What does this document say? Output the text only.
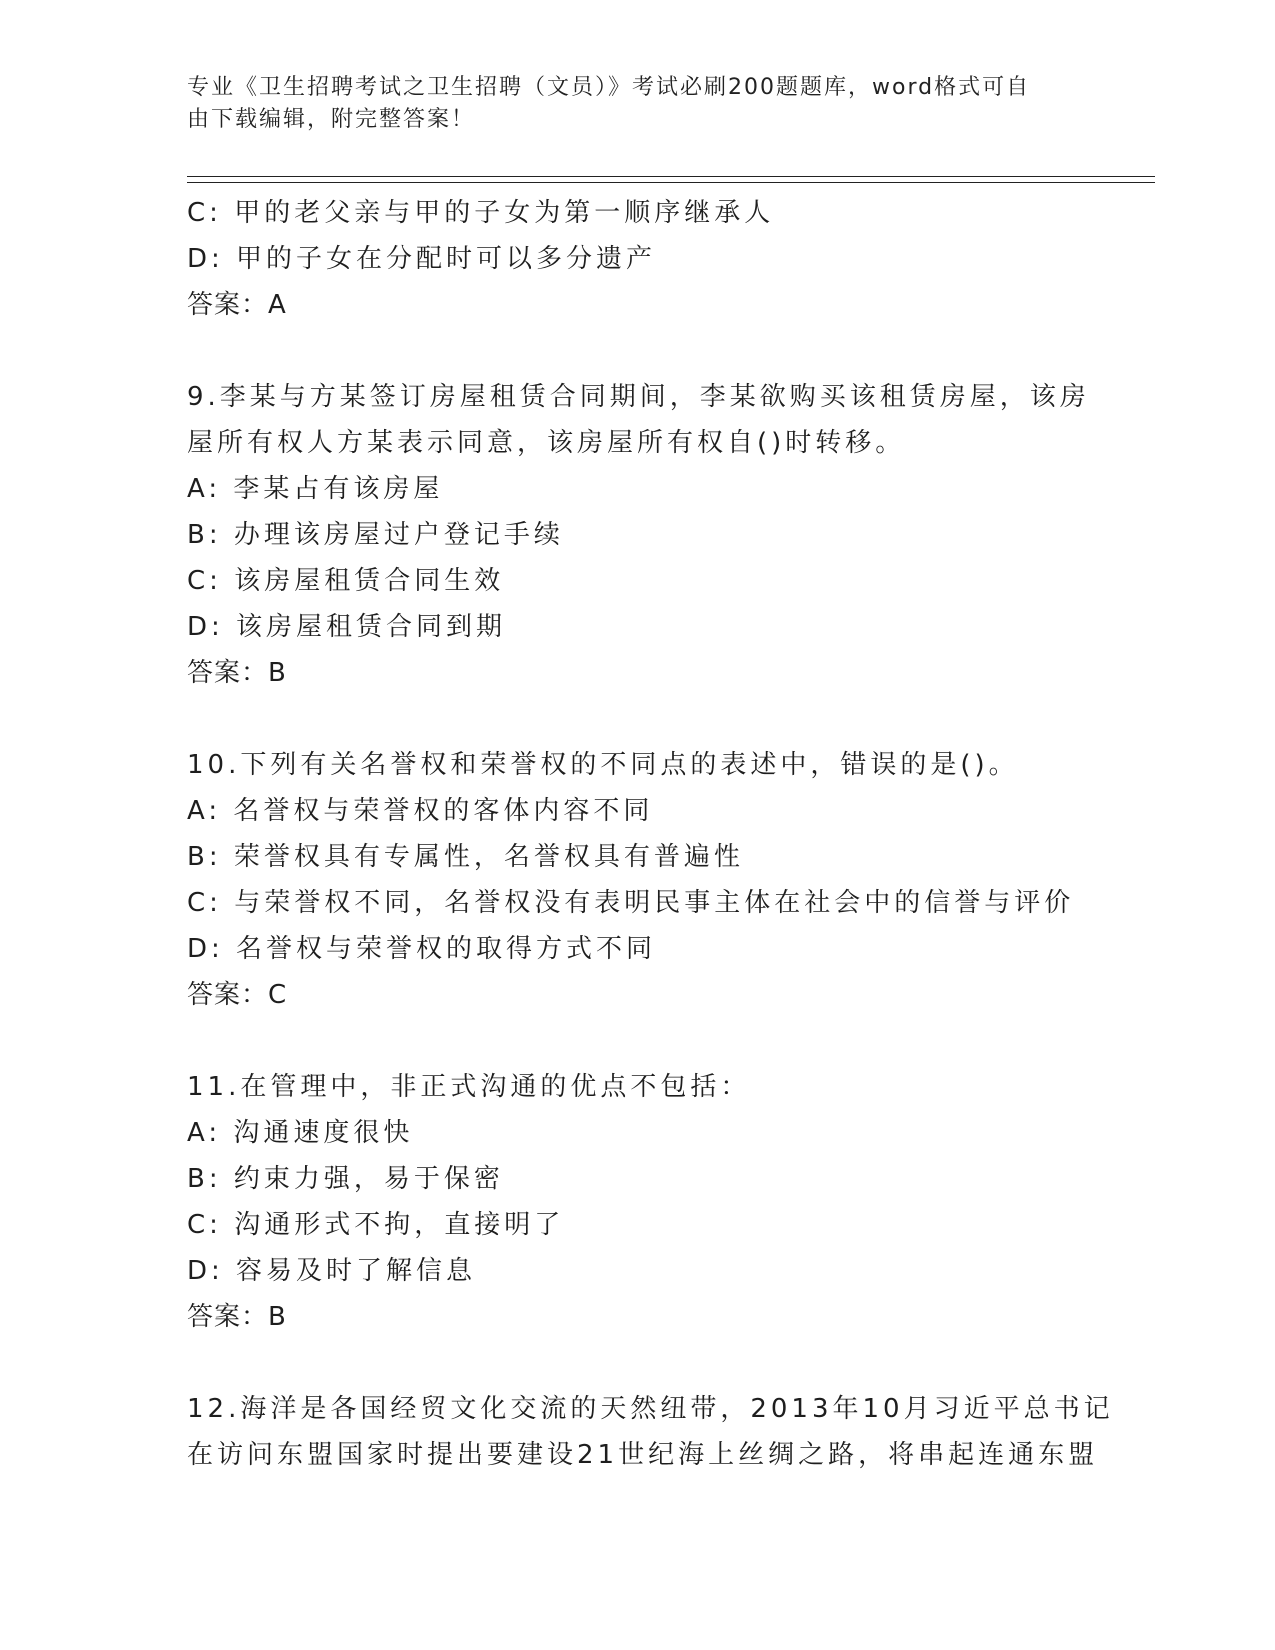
专业《卫生招聘考试之卫生招聘（文员）》考试必刷200题题库，word格式可自
由下载编辑，附完整答案！
C: 甲的老父亲与甲的子女为第一顺序继承人
D: 甲的子女在分配时可以多分遗产
答案：A
9.李某与方某签订房屋租赁合同期间，李某欲购买该租赁房屋，该房
屋所有权人方某表示同意，该房屋所有权自()时转移。
A: 李某占有该房屋
B: 办理该房屋过户登记手续
C: 该房屋租赁合同生效
D: 该房屋租赁合同到期
答案：B
10.下列有关名誉权和荣誉权的不同点的表述中，错误的是()。
A: 名誉权与荣誉权的客体内容不同
B: 荣誉权具有专属性，名誉权具有普遍性
C: 与荣誉权不同，名誉权没有表明民事主体在社会中的信誉与评价
D: 名誉权与荣誉权的取得方式不同
答案：C
11.在管理中，非正式沟通的优点不包括：
A: 沟通速度很快
B: 约束力强，易于保密
C: 沟通形式不拘，直接明了
D: 容易及时了解信息
答案：B
12.海洋是各国经贸文化交流的天然纽带，2013年10月习近平总书记
在访问东盟国家时提出要建设21世纪海上丝绸之路，将串起连通东盟
